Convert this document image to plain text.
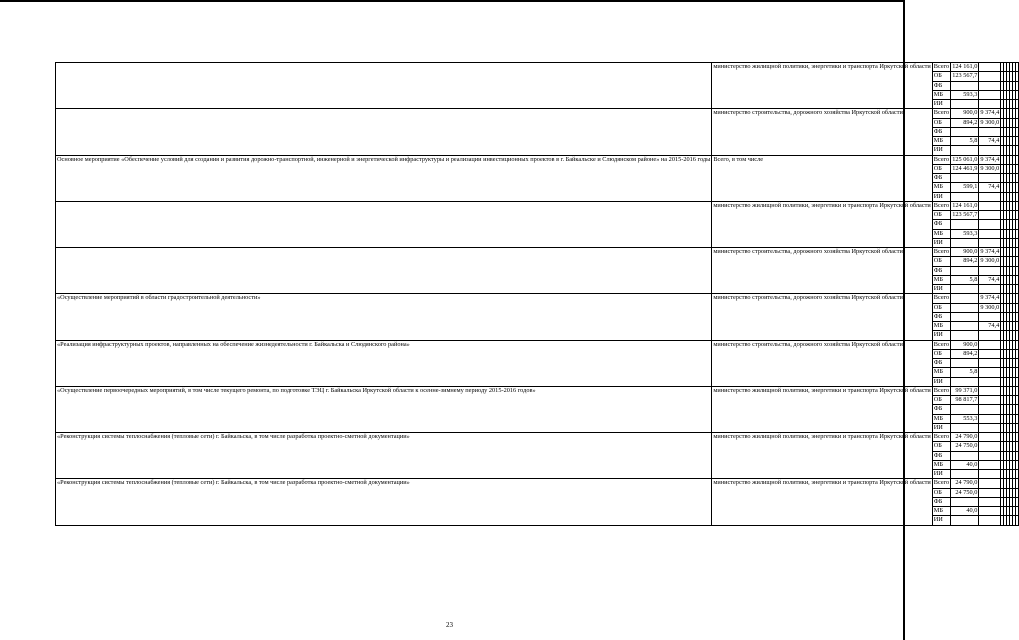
	министерство жилищной политики, энергетики и транспорта Иркутской области	Всего	124 161,0							
		ОБ	123 567,7							
		ФБ								
		МБ	593,3							
		ИИ								
	министерство строительства, дорожного хозяйства Иркутской области	Всего	900,0	9 374,4						
		ОБ	894,2	9 300,0						
		ФБ								
		МБ	5,8	74,4						
		ИИ								
Основное мероприятие «Обеспечение условий для создания и развития дорожно-транспортной, инженерной и энергетической инфраструктуры и реализации инвестиционных проектов в г. Байкальске и Слюдянском районе» на 2015-2016 годы	Всего, в том числе	Всего	125 061,0	9 374,4						
		ОБ	124 461,9	9 300,0						
		ФБ								
		МБ	599,1	74,4						
		ИИ								
	министерство жилищной политики, энергетики и транспорта Иркутской области	Всего	124 161,0							
		ОБ	123 567,7							
		ФБ								
		МБ	593,3							
		ИИ								
	министерство строительства, дорожного хозяйства Иркутской области	Всего	900,0	9 374,4						
		ОБ	894,2	9 300,0						
		ФБ								
		МБ	5,8	74,4						
		ИИ								
«Осуществление мероприятий в области градостроительной деятельности»	министерство строительства, дорожного хозяйства Иркутской области	Всего		9 374,4						
		ОБ		9 300,0						
		ФБ								
		МБ		74,4						
		ИИ								
«Реализация инфраструктурных проектов, направленных на обеспечение жизнедеятельности г. Байкальска и Слюдянского района»	министерство строительства, дорожного хозяйства Иркутской области	Всего	900,0							
		ОБ	894,2							
		ФБ								
		МБ	5,8							
		ИИ								
«Осуществление первоочередных мероприятий, в том числе текущего ремонта, по подготовке ТЭЦ г. Байкальска Иркутской области к осенне-зимнему периоду 2015-2016 годов»	министерство жилищной политики, энергетики и транспорта Иркутской области	Всего	99 371,0							
		ОБ	98 817,7							
		ФБ								
		МБ	553,3							
		ИИ								
«Реконструкция системы теплоснабжения (тепловые сети) г. Байкальска, в том числе разработка проектно-сметной документации»	министерство жилищной политики, энергетики и транспорта Иркутской области	Всего	24 790,0							
		ОБ	24 750,0							
		ФБ								
		МБ	40,0							
		ИИ								
«Реконструкция системы теплоснабжения (тепловые сети) г. Байкальска, в том числе разработка проектно-сметной документации»	министерство жилищной политики, энергетики и транспорта Иркутской области	Всего	24 790,0							
		ОБ	24 750,0							
		ФБ								
		МБ	40,0							
		ИИ								
23
